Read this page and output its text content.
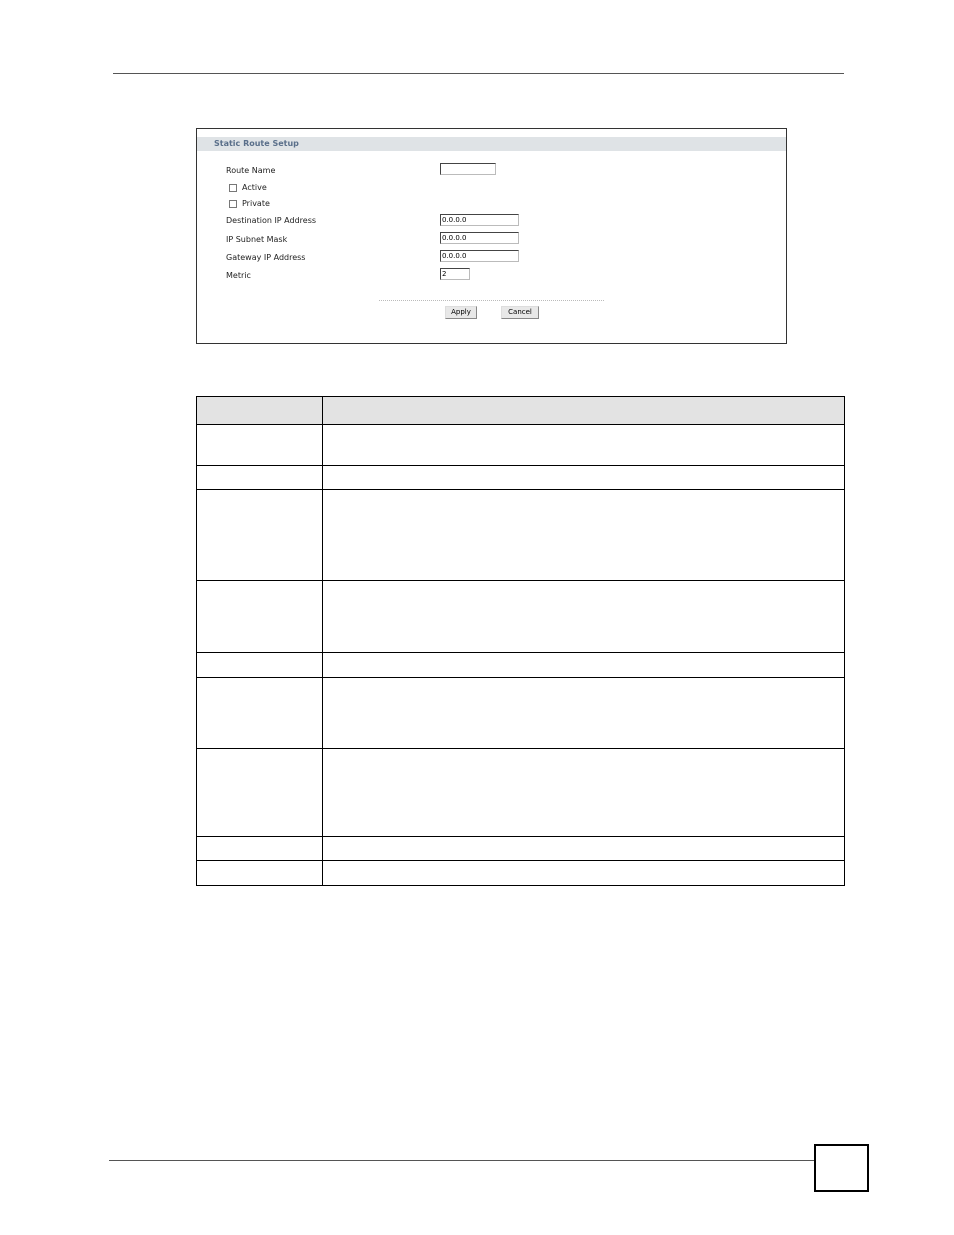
Static Route Setup
Route Name
Active
Private
Destination IP Address	0.0.0.0
IP Subnet Mask	0.0.0.0
Gateway IP Address	0.0.0.0
Metric	2
Apply	Cancel
